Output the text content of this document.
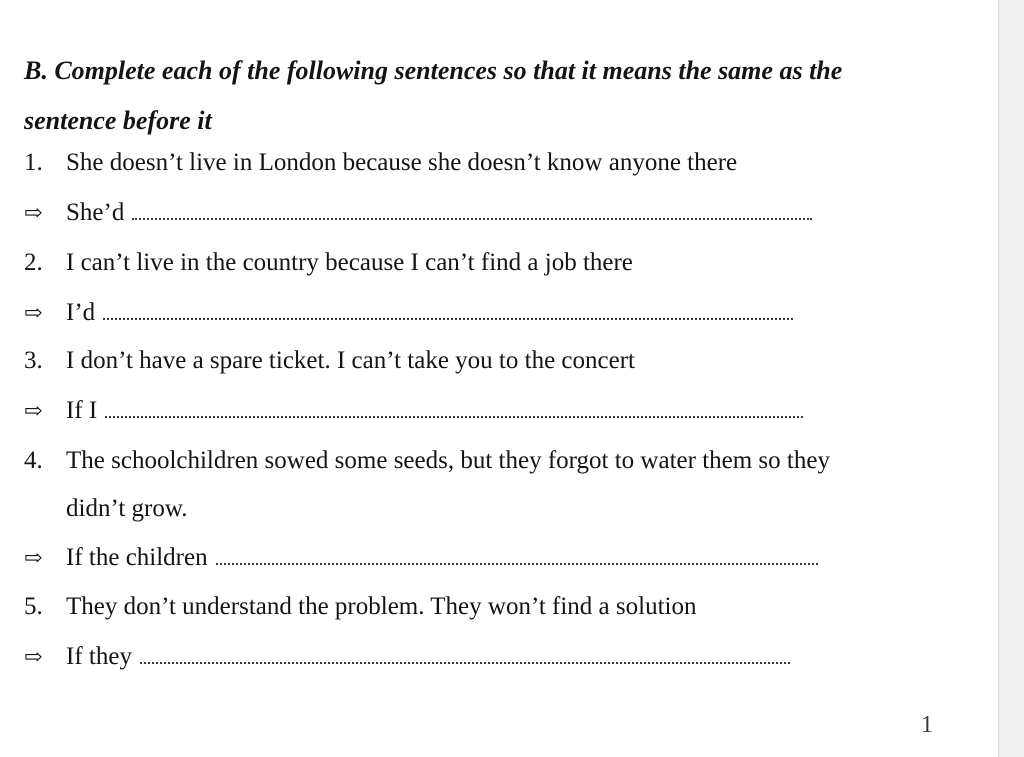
B. Complete each of the following sentences so that it means the same as the
sentence before it
1. She doesn’t live in London because she doesn’t know anyone there
⇨ She’d
2. I can’t live in the country because I can’t find a job there
⇨ I’d
3. I don’t have a spare ticket. I can’t take you to the concert
⇨ If I
4. The schoolchildren sowed some seeds, but they forgot to water them so they
didn’t grow.
⇨ If the children
5. They don’t understand the problem. They won’t find a solution
⇨ If they
1
